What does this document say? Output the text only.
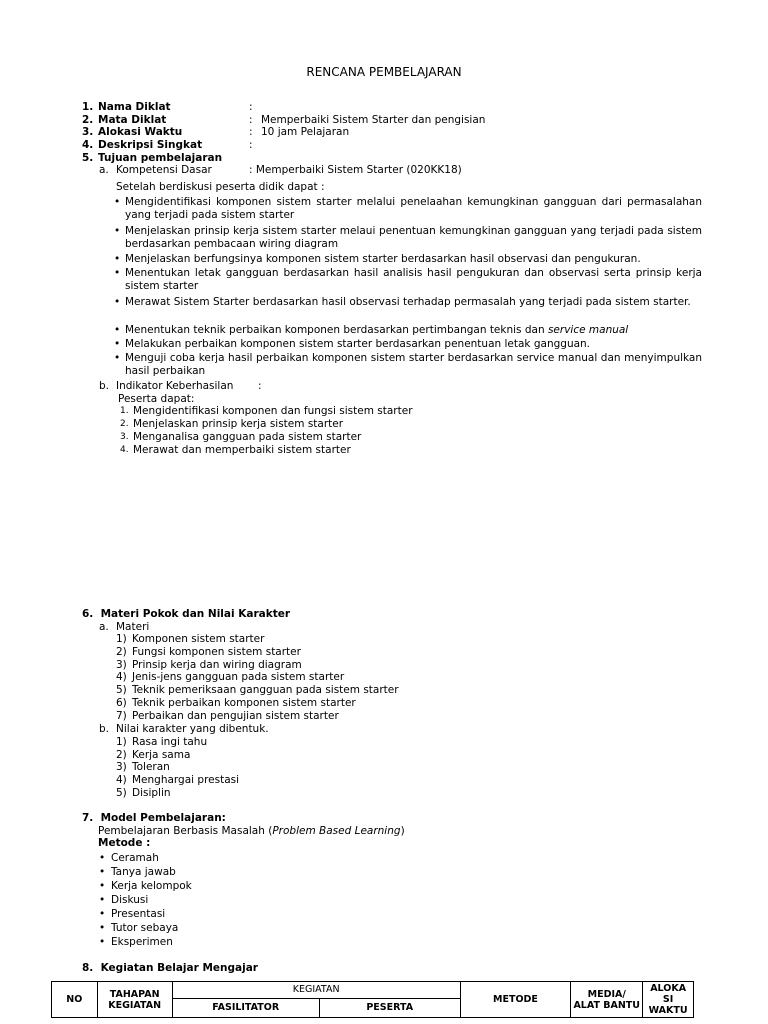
RENCANA PEMBELAJARAN
1. Nama Diklat	:
2. Mata Diklat	: Memperbaiki Sistem Starter dan pengisian
3. Alokasi Waktu	: 10 jam Pelajaran
4. Deskripsi Singkat	:
5. Tujuan pembelajaran
a. Kompetensi Dasar	: Memperbaiki Sistem Starter (020KK18)
Setelah berdiskusi peserta didik dapat :
• Mengidentifikasi komponen sistem starter melalui penelaahan kemungkinan gangguan dari permasalahan yang terjadi pada sistem starter
• Menjelaskan prinsip kerja sistem starter melaui penentuan kemungkinan gangguan yang terjadi pada sistem berdasarkan pembacaan wiring diagram
• Menjelaskan berfungsinya komponen sistem starter berdasarkan hasil observasi dan pengukuran.
• Menentukan letak gangguan berdasarkan hasil analisis hasil pengukuran dan observasi serta prinsip kerja sistem starter
• Merawat Sistem Starter berdasarkan hasil observasi terhadap permasalah yang terjadi pada sistem starter.
• Menentukan teknik perbaikan komponen berdasarkan pertimbangan teknis dan service manual
• Melakukan perbaikan komponen sistem starter berdasarkan penentuan letak gangguan.
• Menguji coba kerja hasil perbaikan komponen sistem starter berdasarkan service manual dan menyimpulkan hasil perbaikan
b. Indikator Keberhasilan :
Peserta dapat:
1. Mengidentifikasi komponen dan fungsi sistem starter
2. Menjelaskan prinsip kerja sistem starter
3. Menganalisa gangguan pada sistem starter
4. Merawat dan memperbaiki sistem starter
6.  Materi Pokok dan Nilai Karakter
a. Materi
1) Komponen sistem starter
2) Fungsi komponen sistem starter
3) Prinsip kerja dan wiring diagram
4) Jenis-jens gangguan pada sistem starter
5) Teknik pemeriksaan gangguan pada sistem starter
6) Teknik perbaikan komponen sistem starter
7) Perbaikan dan pengujian sistem starter
b. Nilai karakter yang dibentuk.
1) Rasa ingi tahu
2) Kerja sama
3) Toleran
4) Menghargai prestasi
5) Disiplin
7.  Model Pembelajaran:
Pembelajaran Berbasis Masalah (Problem Based Learning)
Metode :
• Ceramah
• Tanya jawab
• Kerja kelompok
• Diskusi
• Presentasi
• Tutor sebaya
• Eksperimen
8.  Kegiatan Belajar Mengajar
NO	TAHAPAN KEGIATAN	KEGIATAN		METODE	MEDIA/ ALAT BANTU	ALOKA SI WAKTU
		FASILITATOR	PESERTA			
